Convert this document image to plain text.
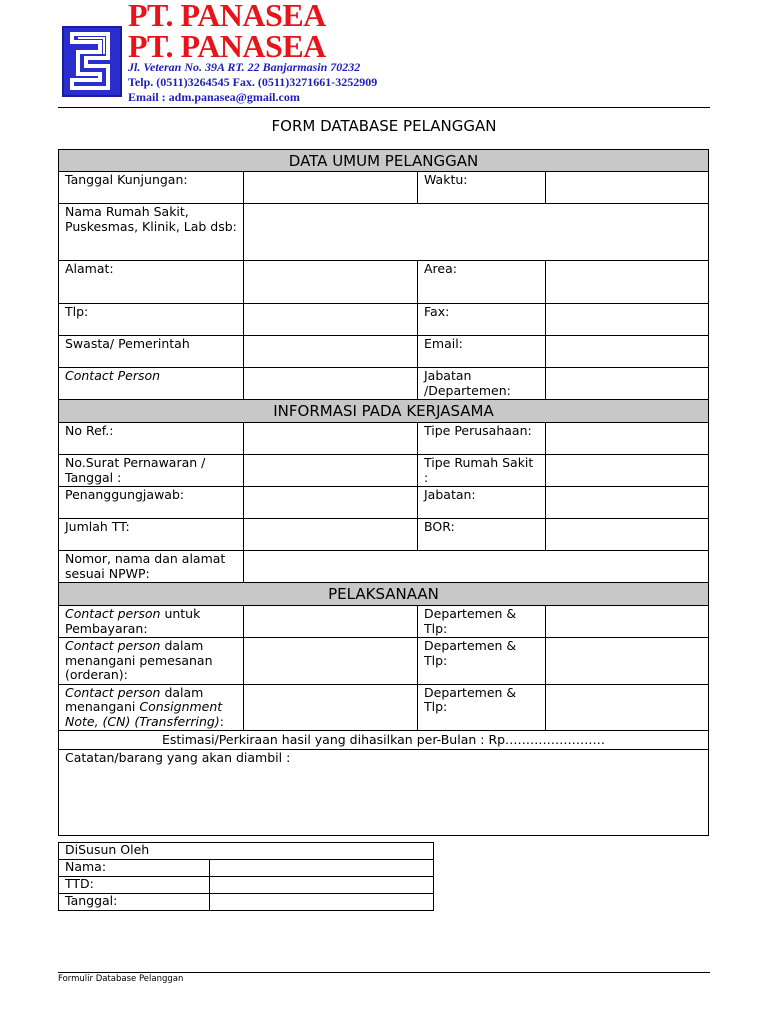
PT. PANASEA
PT. PANASEA
Jl. Veteran No. 39A RT. 22 Banjarmasin 70232
Telp. (0511)3264545 Fax. (0511)3271661-3252909
Email : adm.panasea@gmail.com
FORM DATABASE PELANGGAN
DATA UMUM PELANGGAN			
Tanggal Kunjungan:		Waktu:	
Nama Rumah Sakit, Puskesmas, Klinik, Lab dsb:			
Alamat:		Area:	
Tlp:		Fax:	
Swasta/ Pemerintah		Email:	
Contact Person		Jabatan /Departemen:	
INFORMASI PADA KERJASAMA			
No Ref.:		Tipe Perusahaan:	
No.Surat Pernawaran / Tanggal :		Tipe Rumah Sakit :	
Penanggungjawab:		Jabatan:	
Jumlah TT:		BOR:	
Nomor, nama dan alamat sesuai NPWP:			
PELAKSANAAN			
Contact person untuk Pembayaran:		Departemen & Tlp:	
Contact person dalam menangani pemesanan (orderan):		Departemen & Tlp:	
Contact person dalam menangani Consignment Note, (CN) (Transferring):		Departemen & Tlp:	
Estimasi/Perkiraan hasil yang dihasilkan per-Bulan : Rp……………………			
Catatan/barang yang akan diambil :			
DiSusun Oleh	
Nama:	
TTD:	
Tanggal:	
Formulir Database Pelanggan
